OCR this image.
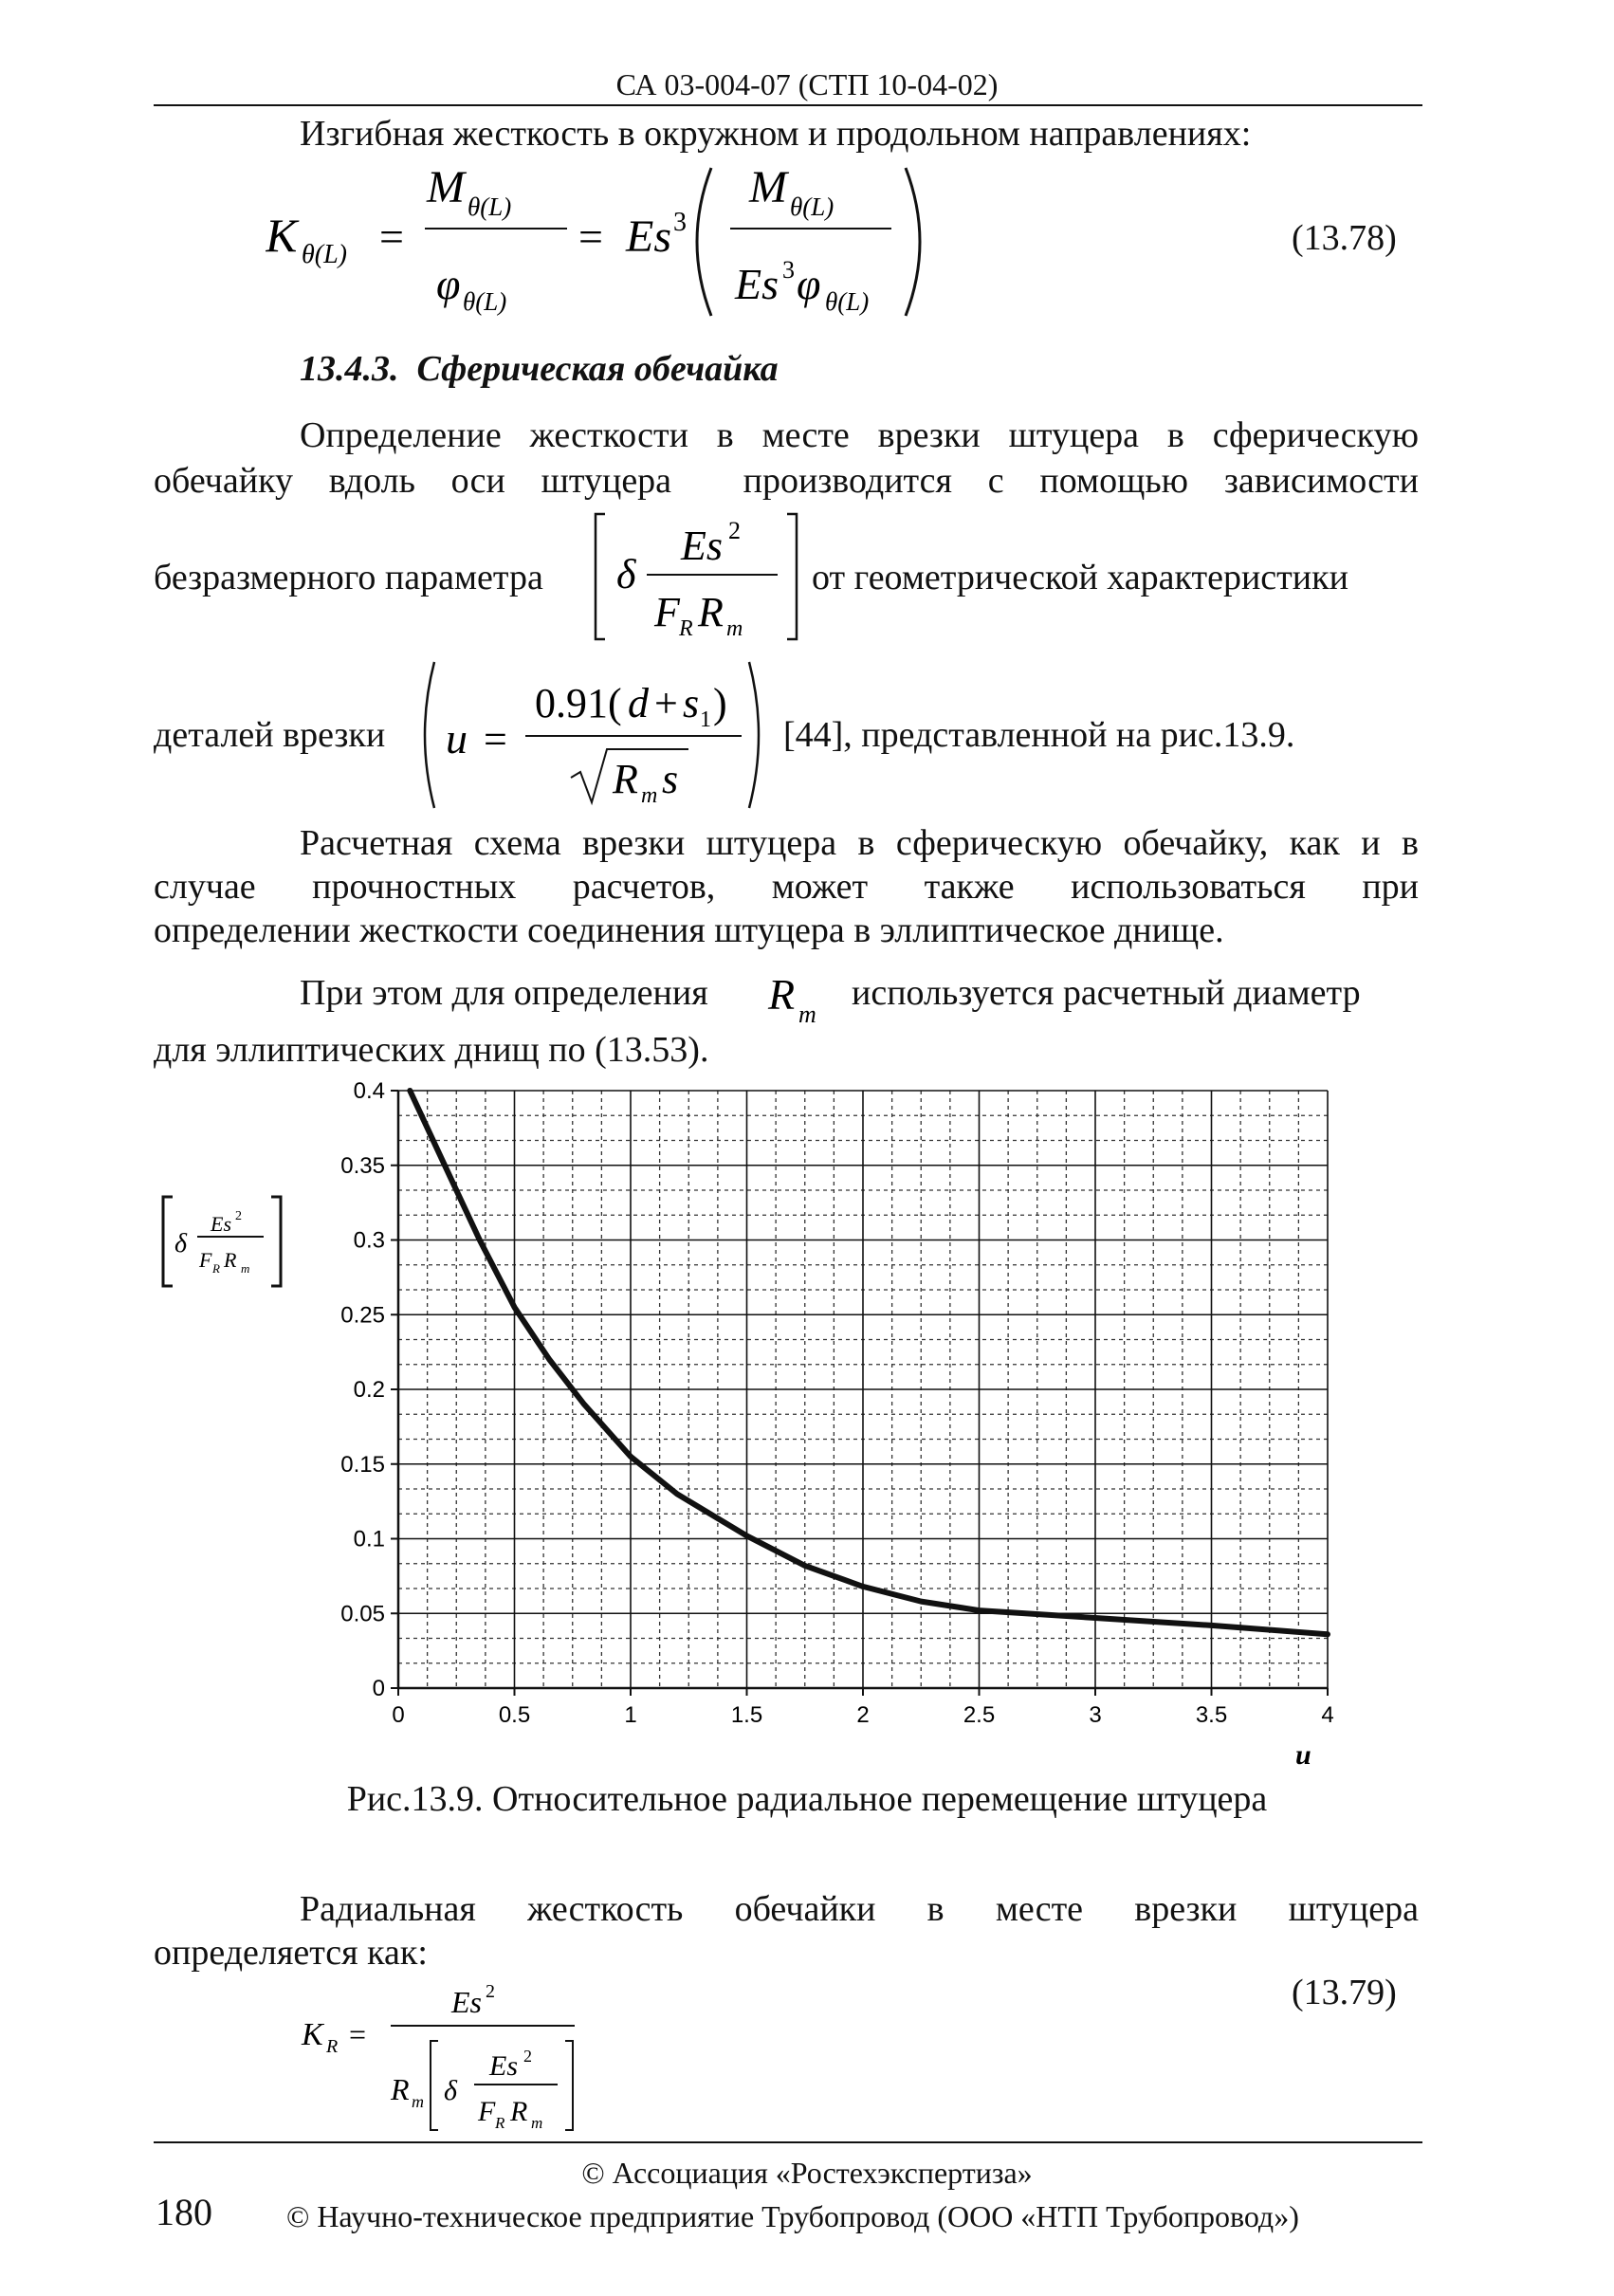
СА 03-004-07 (СТП 10-04-02)
Изгибная жесткость в окружном и продольном направлениях:
K θ(L) =
M θ(L)
φ θ(L)
= Es 3
M θ(L)
Es 3 φ θ(L)
(13.78)
13.4.3.  Сферическая обечайка
Определение жесткости в месте врезки штуцера в сферическую
обечайку вдоль оси штуцера  производится с помощью зависимости
безразмерного параметра δ
Es 2
F R R m
от геометрической характеристики
деталей врезки u =
0.91( d + s 1 )
R m s
[44], представленной на рис.13.9.
Расчетная схема врезки штуцера в сферическую обечайку, как и в
случае прочностных расчетов, может также использоваться при
определении жесткости соединения штуцера в эллиптическое днище.
При этом для определения R m
используется расчетный диаметр
для эллиптических днищ по (13.53).
0	0.5	1	1.5	2	2.5	3	3.5	4
0
0.05
0.1
0.15
0.2
0.25
0.3
0.35
0.4
δ
Es 2
F R R m
u
Рис.13.9. Относительное радиальное перемещение штуцера
Радиальная жесткость обечайки в месте врезки штуцера
определяется как:
K R =
Es 2
R m δ
Es 2
F R R m
(13.79)
© Ассоциация «Ростехэкспертиза»
180 © Научно-техническое предприятие Трубопровод (ООО «НТП Трубопровод»)
